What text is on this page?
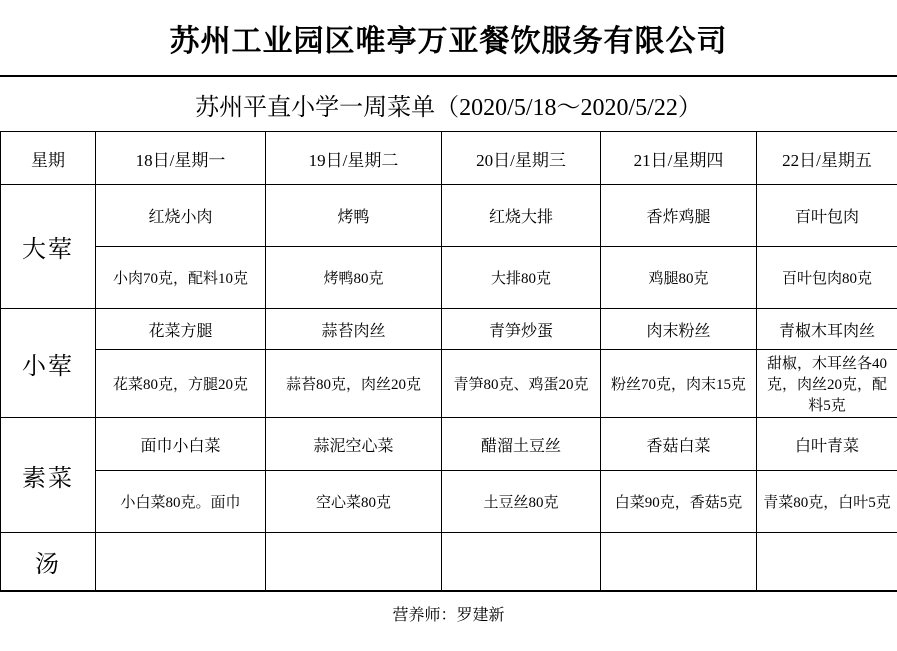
苏州工业园区唯亭万亚餐饮服务有限公司
苏州平直小学一周菜单（2020/5/18～2020/5/22）
星期	18日/星期一	19日/星期二	20日/星期三	21日/星期四	22日/星期五
大荤	红烧小肉	烤鸭	红烧大排	香炸鸡腿	百叶包肉
	小肉70克，配料10克	烤鸭80克	大排80克	鸡腿80克	百叶包肉80克
小荤	花菜方腿	蒜苔肉丝	青笋炒蛋	肉末粉丝	青椒木耳肉丝
	花菜80克，方腿20克	蒜苔80克，肉丝20克	青笋80克、鸡蛋20克	粉丝70克，肉末15克	甜椒，木耳丝各40克，肉丝20克，配料5克
素菜	面巾小白菜	蒜泥空心菜	醋溜土豆丝	香菇白菜	白叶青菜
	小白菜80克。面巾	空心菜80克	土豆丝80克	白菜90克，香菇5克	青菜80克，白叶5克
汤					
营养师：罗建新
